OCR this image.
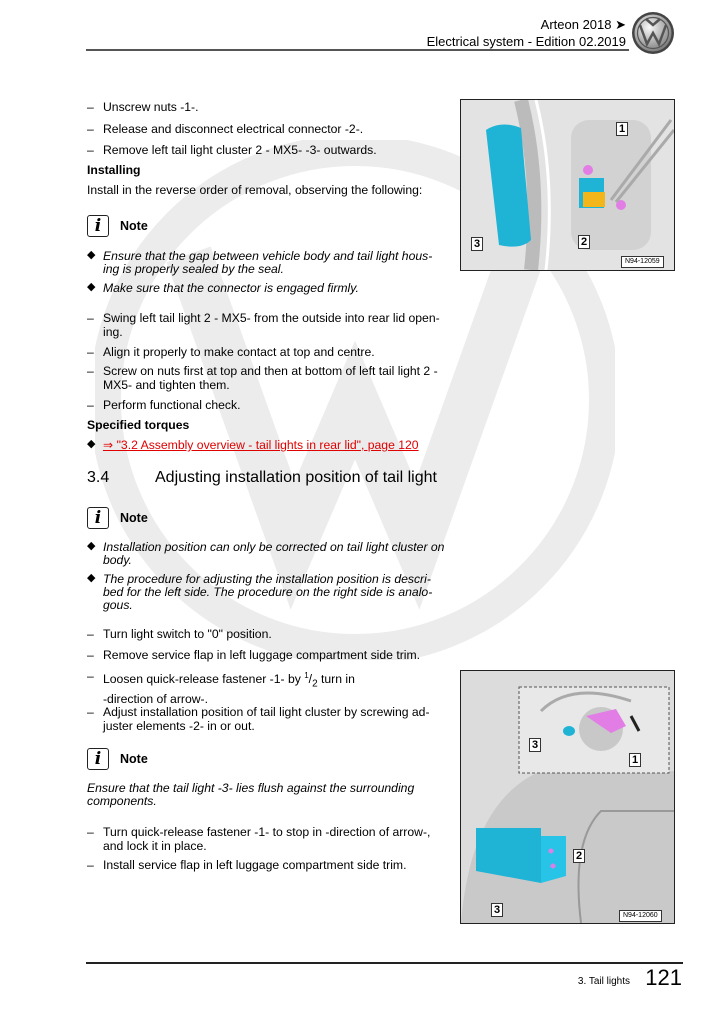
Arteon 2018 ➤
Electrical system - Edition 02.2019
– Unscrew nuts -1-.
– Release and disconnect electrical connector -2-.
– Remove left tail light cluster 2 - MX5- -3- outwards.
Installing
Install in the reverse order of removal, observing the following:
i	Note
◆ Ensure that the gap between vehicle body and tail light hous-ing is properly sealed by the seal.
◆ Make sure that the connector is engaged firmly.
– Swing left tail light 2 - MX5- from the outside into rear lid open-ing.
– Align it properly to make contact at top and centre.
– Screw on nuts first at top and then at bottom of left tail light 2 - MX5- and tighten them.
– Perform functional check.
Specified torques
◆ ⇒ "3.2 Assembly overview - tail lights in rear lid", page 120
3.4	Adjusting installation position of tail light
i	Note
◆ Installation position can only be corrected on tail light cluster on body.
◆ The procedure for adjusting the installation position is descri-bed for the left side. The procedure on the right side is analo-gous.
– Turn light switch to "0" position.
– Remove service flap in left luggage compartment side trim.
– Loosen quick-release fastener -1- by $^1/_2$ turn in
-direction of arrow-.
– Adjust installation position of tail light cluster by screwing ad-juster elements -2- in or out.
i	Note
Ensure that the tail light -3- lies flush against the surrounding components.
– Turn quick-release fastener -1- to stop in -direction of arrow-, and lock it in place.
– Install service flap in left luggage compartment side trim.
1
2
3
N94-12059
1
2
3
3
N94-12060
3. Tail lights 121
